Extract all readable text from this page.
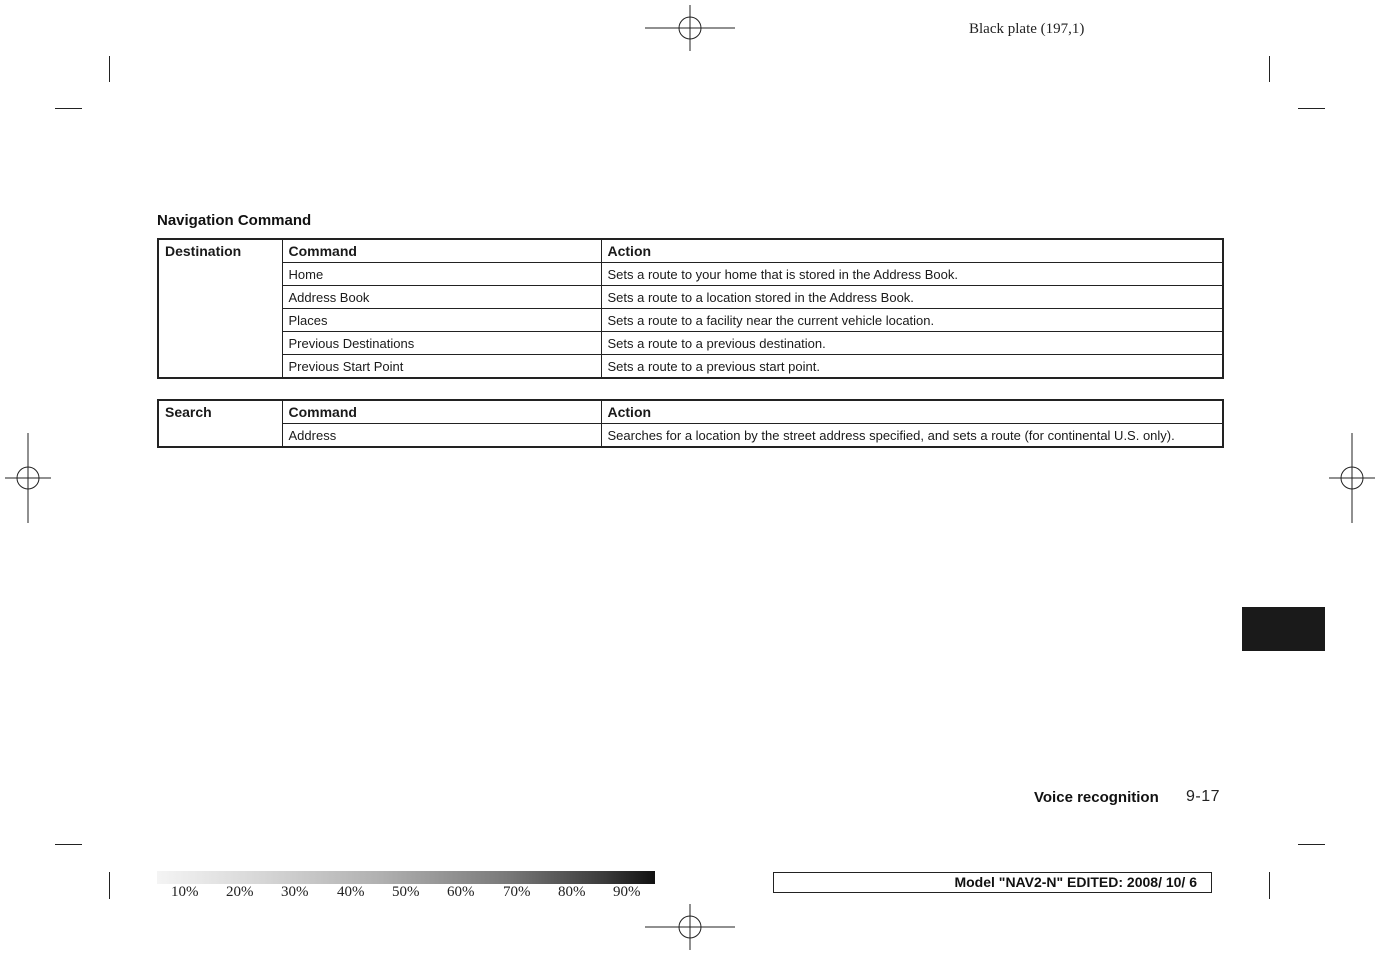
Black plate (197,1)
Navigation Command
Destination	Command	Action
	Home	Sets a route to your home that is stored in the Address Book.
	Address Book	Sets a route to a location stored in the Address Book.
	Places	Sets a route to a facility near the current vehicle location.
	Previous Destinations	Sets a route to a previous destination.
	Previous Start Point	Sets a route to a previous start point.
Search	Command	Action
	Address	Searches for a location by the street address specified, and sets a route (for continental U.S. only).
Voice recognition 9-17
10% 20% 30% 40% 50% 60% 70% 80% 90%
Model "NAV2-N" EDITED: 2008/ 10/ 6
